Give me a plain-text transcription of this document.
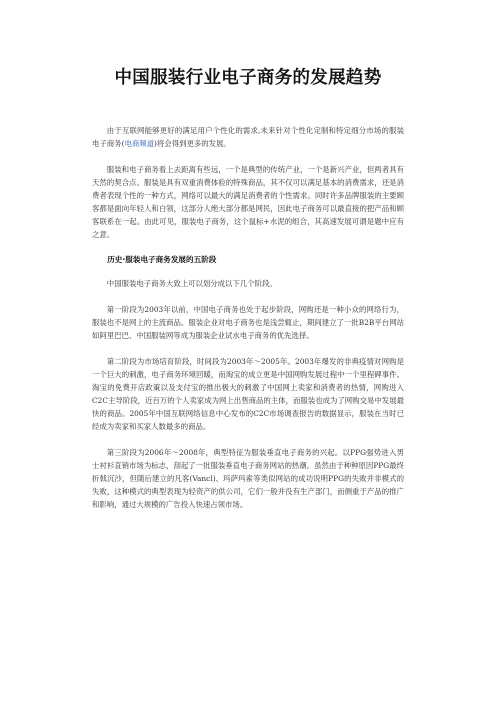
中国服装行业电子商务的发展趋势

由于互联网能够更好的满足用户个性化的需求,未来针对个性化定制和特定细分市场的服装电子商务(电商频道)将会得到更多的发展。

服装和电子商务看上去距离有些远，一个是典型的传统产业，一个是新兴产业，但两者具有天然的契合点。服装是具有双重消费体验的特殊商品，其不仅可以满足基本的消费需求，还是消费者表现个性的一种方式，网络可以最大的满足消费者的个性需求。同时许多品牌服装的主要顾客都是面向年轻人和白领，这部分人绝大部分都是网民，因此电子商务可以最直接的把产品和顾客联系在一起。由此可见，服装电子商务，这个鼠标+水泥的组合，其高速发展可谓是题中应有之意。

历史·服装电子商务发展的五阶段

中国服装电子商务大致上可以划分成以下几个阶段。

第一阶段为2003年以前，中国电子商务也处于起步阶段，网购还是一种小众的网络行为，服装也不是网上的主流商品。服装企业对电子商务也是浅尝辄止，期间建立了一批B2B平台网站如阿里巴巴、中国服装网等成为服装企业试水电子商务的优先选择。

第二阶段为市场培育阶段，时间段为2003年～2005年。2003年爆发的非典疫情对网购是一个巨大的刺激，电子商务环境回暖，而淘宝的成立更是中国网购发展过程中一个里程碑事件。淘宝的免费开店政策以及支付宝的推出极大的刺激了中国网上卖家和消费者的热情，网购进入C2C主导阶段，近百万的个人卖家成为网上出售商品的主体，而服装也成为了网购交易中发展最快的商品。2005年中国互联网络信息中心发布的C2C市场调查报告的数据显示，服装在当时已经成为卖家和买家人数最多的商品。

第三阶段为2006年～2008年，典型特征为服装垂直电子商务的兴起。以PPG强势进入男士衬衫直销市场为标志，刮起了一批服装垂直电子商务网站的热潮。虽然由于种种原因PPG最终折戟沉沙，但随后建立的凡客(Vancl)、玛萨玛索等类似网站的成功说明PPG的失败并非模式的失败，这种模式的典型表现为轻资产的供公司，它们一般并没有生产部门，而侧重于产品的推广和影响，通过大规模的广告投入快速占领市场。
